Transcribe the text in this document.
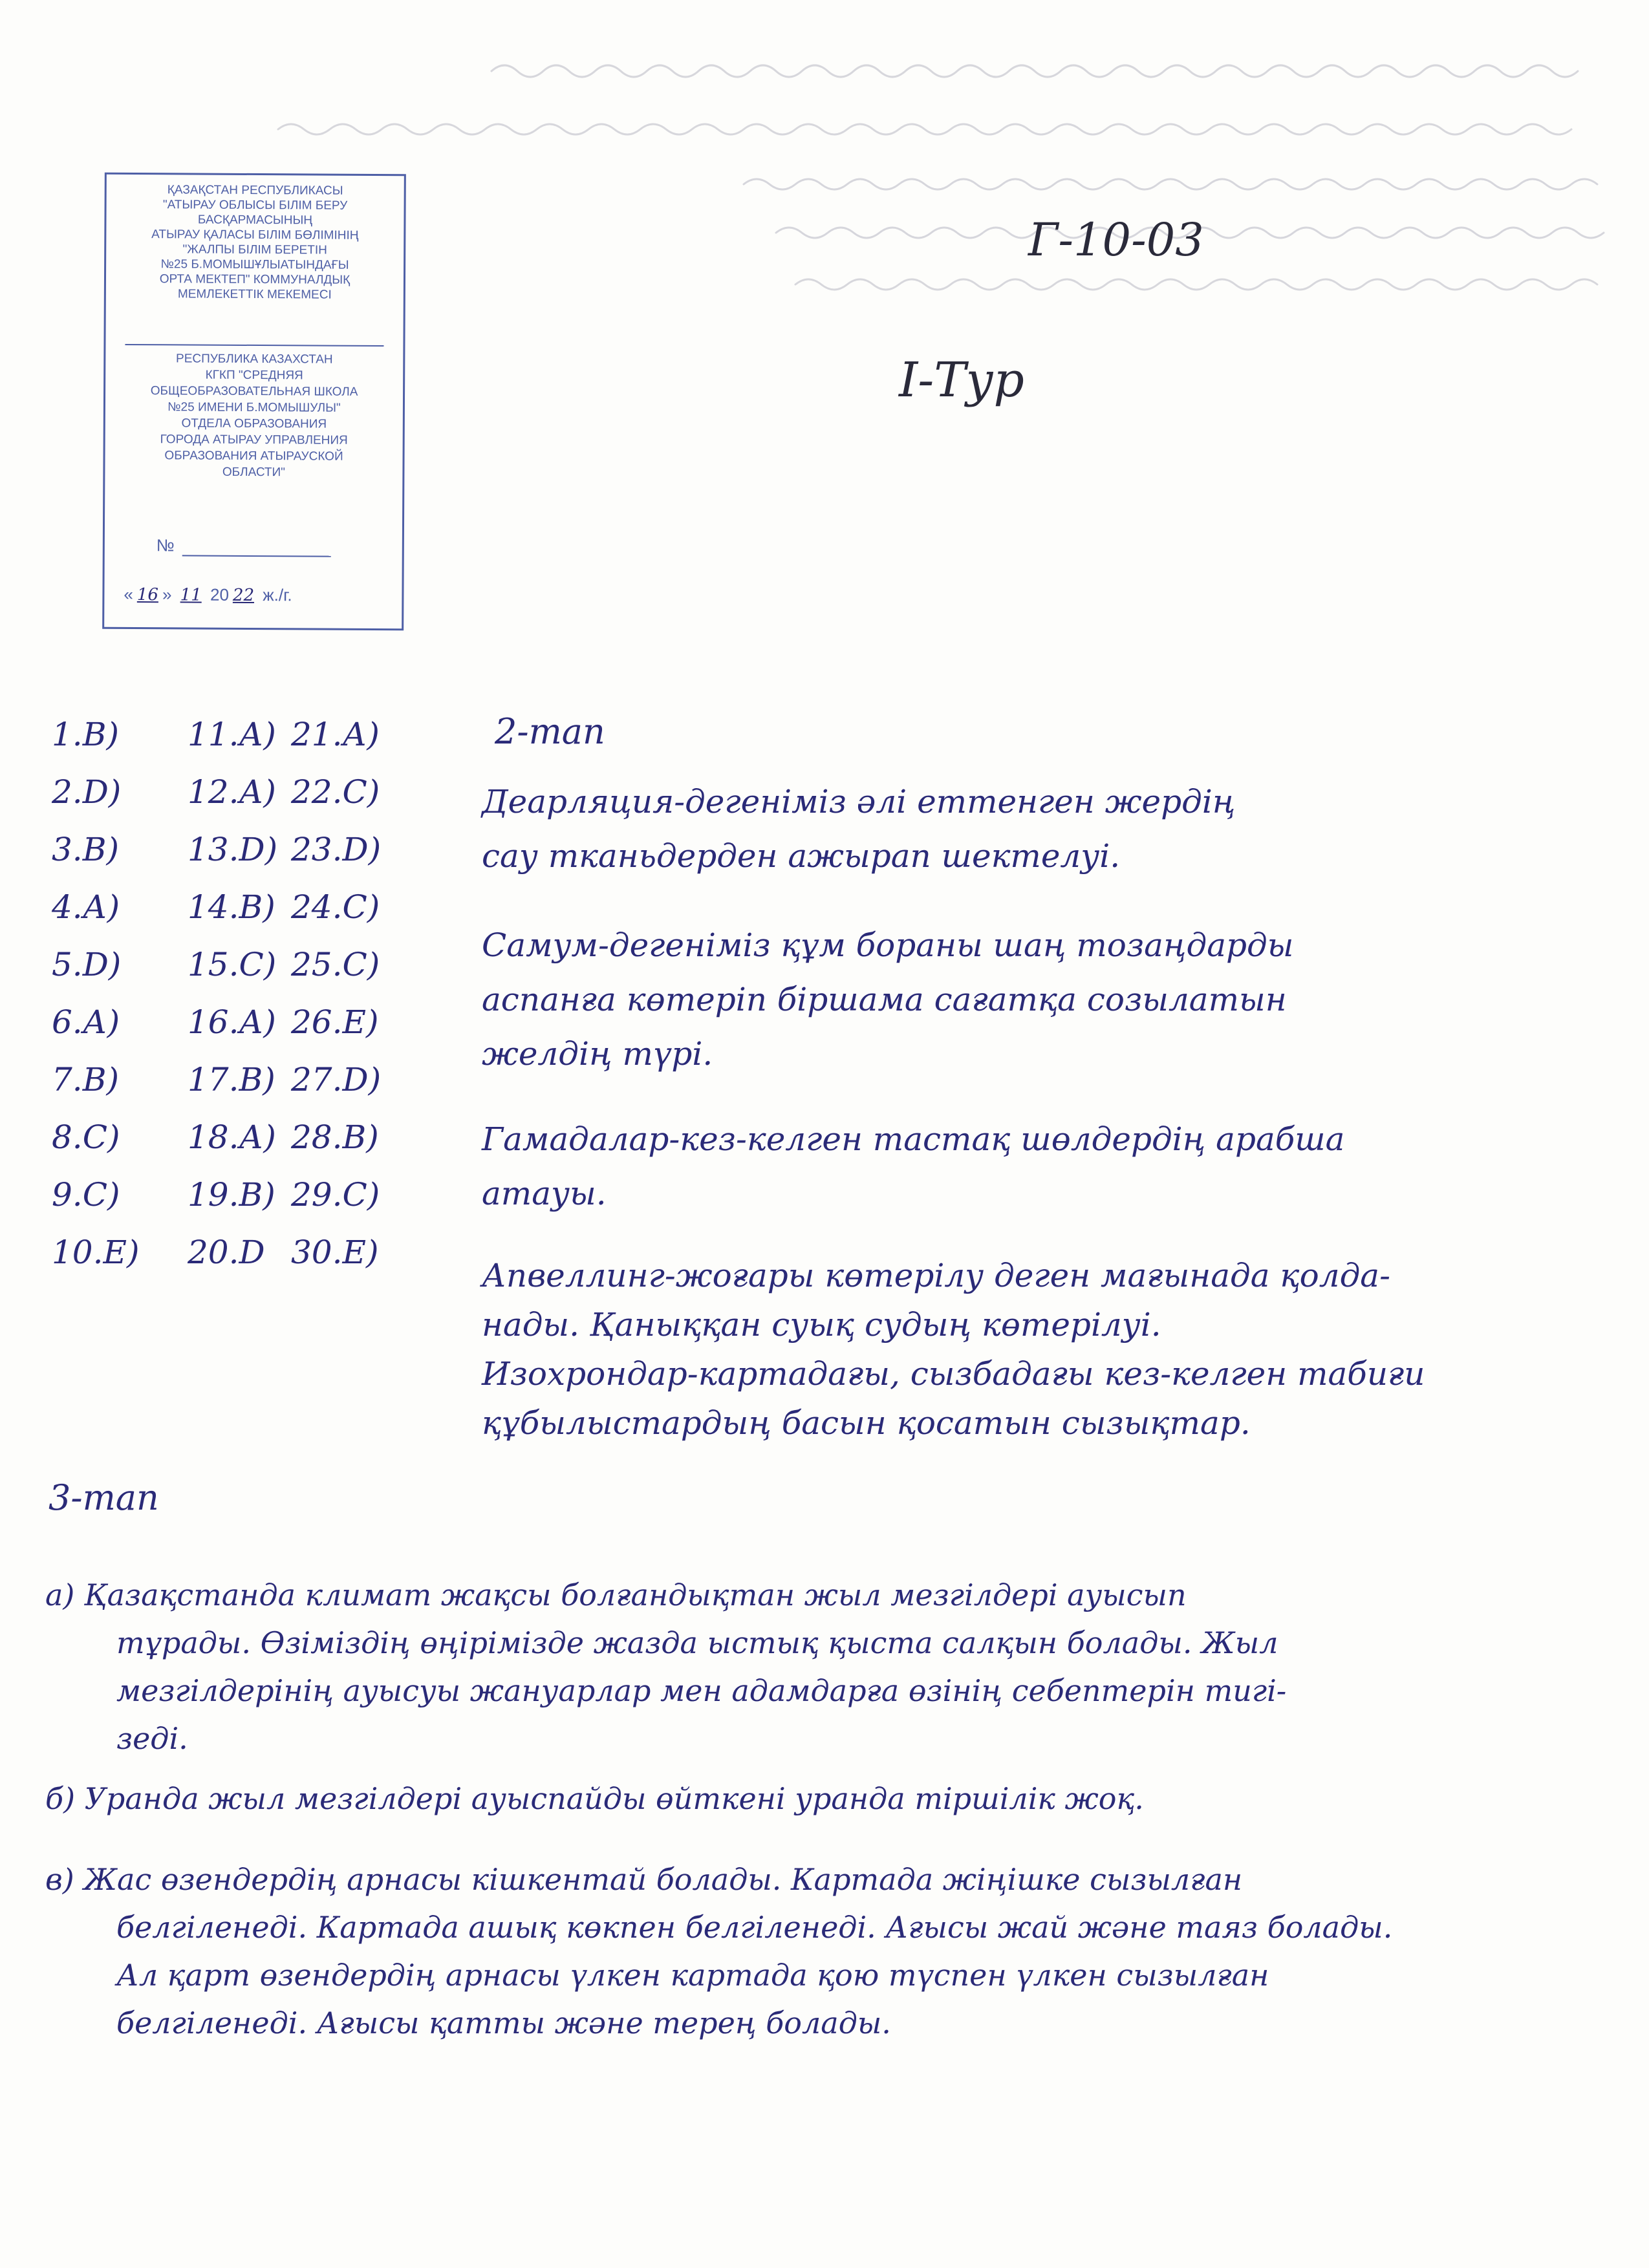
Г-10-03
I-Тур
ҚАЗАҚСТАН РЕСПУБЛИКАСЫ
"АТЫРАУ ОБЛЫСЫ БІЛІМ БЕРУ
БАСҚАРМАСЫНЫҢ
АТЫРАУ ҚАЛАСЫ БІЛІМ БӨЛІМІНІҢ
"ЖАЛПЫ БІЛІМ БЕРЕТІН
№25 Б.МОМЫШҰЛЫАТЫНДАҒЫ
ОРТА МЕКТЕП" КОММУНАЛДЫҚ
МЕМЛЕКЕТТІК МЕКЕМЕСІ
РЕСПУБЛИКА КАЗАХСТАН
КГКП "СРЕДНЯЯ
ОБЩЕОБРАЗОВАТЕЛЬНАЯ ШКОЛА
№25 ИМЕНИ Б.МОМЫШУЛЫ"
ОТДЕЛА ОБРАЗОВАНИЯ
ГОРОДА АТЫРАУ УПРАВЛЕНИЯ
ОБРАЗОВАНИЯ АТЫРАУСКОЙ
ОБЛАСТИ"
№
« 16 » 11 20 22 ж./г.
1.В)
2.D)
3.В)
4.А)
5.D)
6.А)
7.В)
8.С)
9.С)
10.Е)
11.А)
12.А)
13.D)
14.В)
15.С)
16.А)
17.В)
18.А)
19.В)
20.D
21.А)
22.С)
23.D)
24.С)
25.С)
26.Е)
27.D)
28.В)
29.С)
30.Е)
2-тап
Деарляция-дегеніміз әлі еттенген жердің
сау тканьдерден ажырап шектелуі.
Самум-дегеніміз құм бораны шаң тозаңдарды
аспанға көтеріп біршама сағатқа созылатын
желдің түрі.
Гамадалар-кез-келген тастақ шөлдердің арабша
атауы.
Апвеллинг-жоғары көтерілу деген мағынада қолда-
нады. Қаныққан суық судың көтерілуі.
Изохрондар-картадағы, сызбадағы кез-келген табиғи
құбылыстардың басын қосатын сызықтар.
3-тап
а) Қазақстанда климат жақсы болғандықтан жыл мезгілдері ауысып
тұрады. Өзіміздің өңірімізде жазда ыстық қыста салқын болады. Жыл
мезгілдерінің ауысуы жануарлар мен адамдарға өзінің себептерін тигі-
зеді.
б) Уранда жыл мезгілдері ауыспайды өйткені уранда тіршілік жоқ.
в) Жас өзендердің арнасы кішкентай болады. Картада жіңішке сызылған
белгіленеді. Картада ашық көкпен белгіленеді. Ағысы жай және таяз болады.
Ал қарт өзендердің арнасы үлкен картада қою түспен үлкен сызылған
белгіленеді. Ағысы қатты және терең болады.
